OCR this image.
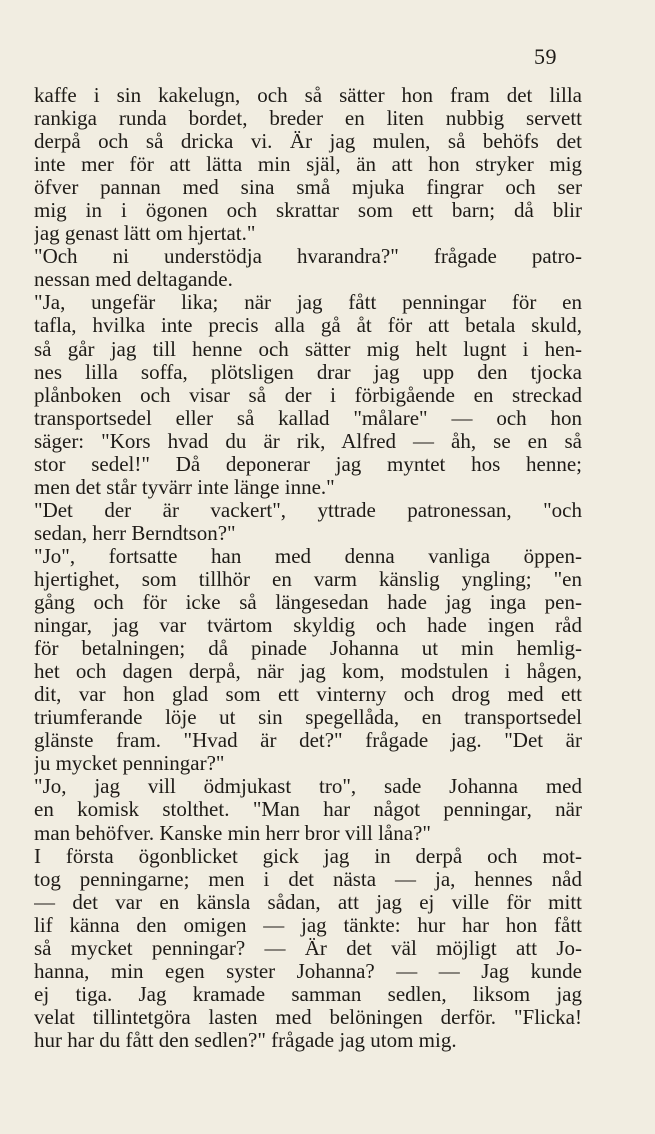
59
kaffe i sin kakelugn, och så sätter hon fram det lilla
rankiga runda bordet, breder en liten nubbig servett
derpå och så dricka vi. Är jag mulen, så behöfs det
inte mer för att lätta min själ, än att hon stryker mig
öfver pannan med sina små mjuka fingrar och ser
mig in i ögonen och skrattar som ett barn; då blir
jag genast lätt om hjertat."
"Och ni understödja hvarandra?" frågade patro-
nessan med deltagande.
"Ja, ungefär lika; när jag fått penningar för en
tafla, hvilka inte precis alla gå åt för att betala skuld,
så går jag till henne och sätter mig helt lugnt i hen-
nes lilla soffa, plötsligen drar jag upp den tjocka
plånboken och visar så der i förbigående en streckad
transportsedel eller så kallad "målare" — och hon
säger: "Kors hvad du är rik, Alfred — åh, se en så
stor sedel!" Då deponerar jag myntet hos henne;
men det står tyvärr inte länge inne."
"Det der är vackert", yttrade patronessan, "och
sedan, herr Berndtson?"
"Jo", fortsatte han med denna vanliga öppen-
hjertighet, som tillhör en varm känslig yngling; "en
gång och för icke så längesedan hade jag inga pen-
ningar, jag var tvärtom skyldig och hade ingen råd
för betalningen; då pinade Johanna ut min hemlig-
het och dagen derpå, när jag kom, modstulen i hågen,
dit, var hon glad som ett vinterny och drog med ett
triumferande löje ut sin spegellåda, en transportsedel
glänste fram. "Hvad är det?" frågade jag. "Det är
ju mycket penningar?"
"Jo, jag vill ödmjukast tro", sade Johanna med
en komisk stolthet. "Man har något penningar, när
man behöfver. Kanske min herr bror vill låna?"
I första ögonblicket gick jag in derpå och mot-
tog penningarne; men i det nästa — ja, hennes nåd
— det var en känsla sådan, att jag ej ville för mitt
lif känna den omigen — jag tänkte: hur har hon fått
så mycket penningar? — Är det väl möjligt att Jo-
hanna, min egen syster Johanna? — — Jag kunde
ej tiga. Jag kramade samman sedlen, liksom jag
velat tillintetgöra lasten med belöningen derför. "Flicka!
hur har du fått den sedlen?" frågade jag utom mig.
